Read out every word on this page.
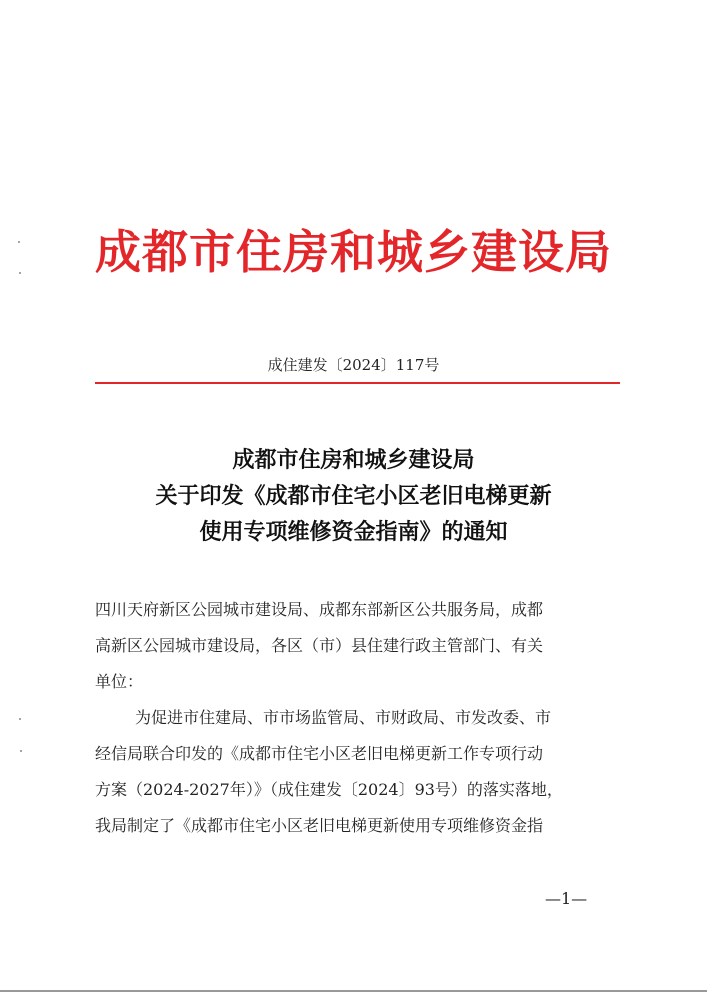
成都市住房和城乡建设局
成住建发〔2024〕117号
成都市住房和城乡建设局
关于印发《成都市住宅小区老旧电梯更新
使用专项维修资金指南》的通知
四川天府新区公园城市建设局、成都东部新区公共服务局，成都
高新区公园城市建设局，各区（市）县住建行政主管部门、有关
单位：
为促进市住建局、市市场监管局、市财政局、市发改委、市
经信局联合印发的《成都市住宅小区老旧电梯更新工作专项行动
方案（2024-2027年）》（成住建发〔2024〕93号）的落实落地，
我局制定了《成都市住宅小区老旧电梯更新使用专项维修资金指
—1—
